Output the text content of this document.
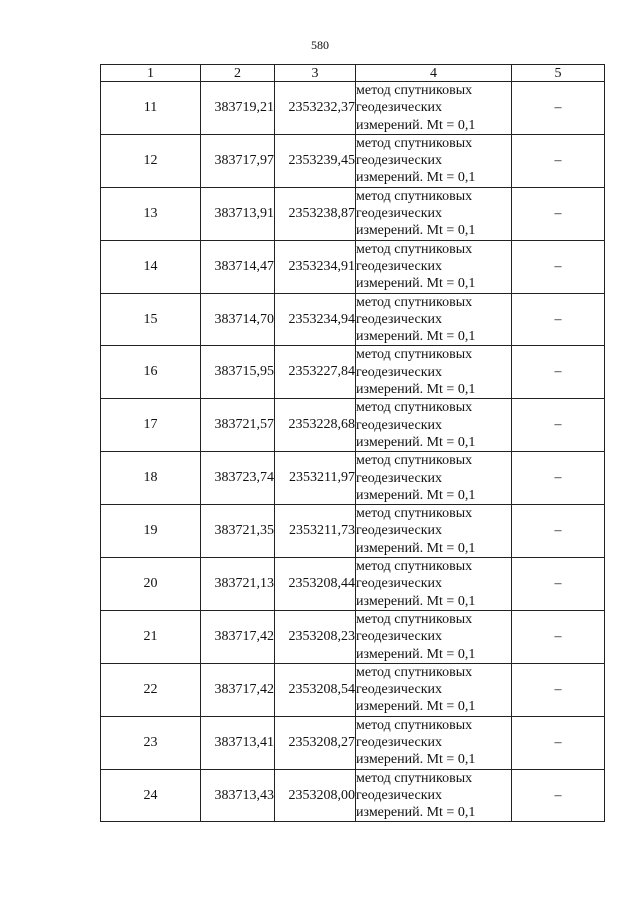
580
1	2	3	4	5
11	383719,21	2353232,37	метод спутниковых
геодезических
измерений. Mt = 0,1	–
12	383717,97	2353239,45	метод спутниковых
геодезических
измерений. Mt = 0,1	–
13	383713,91	2353238,87	метод спутниковых
геодезических
измерений. Mt = 0,1	–
14	383714,47	2353234,91	метод спутниковых
геодезических
измерений. Mt = 0,1	–
15	383714,70	2353234,94	метод спутниковых
геодезических
измерений. Mt = 0,1	–
16	383715,95	2353227,84	метод спутниковых
геодезических
измерений. Mt = 0,1	–
17	383721,57	2353228,68	метод спутниковых
геодезических
измерений. Mt = 0,1	–
18	383723,74	2353211,97	метод спутниковых
геодезических
измерений. Mt = 0,1	–
19	383721,35	2353211,73	метод спутниковых
геодезических
измерений. Mt = 0,1	–
20	383721,13	2353208,44	метод спутниковых
геодезических
измерений. Mt = 0,1	–
21	383717,42	2353208,23	метод спутниковых
геодезических
измерений. Mt = 0,1	–
22	383717,42	2353208,54	метод спутниковых
геодезических
измерений. Mt = 0,1	–
23	383713,41	2353208,27	метод спутниковых
геодезических
измерений. Mt = 0,1	–
24	383713,43	2353208,00	метод спутниковых
геодезических
измерений. Mt = 0,1	–
